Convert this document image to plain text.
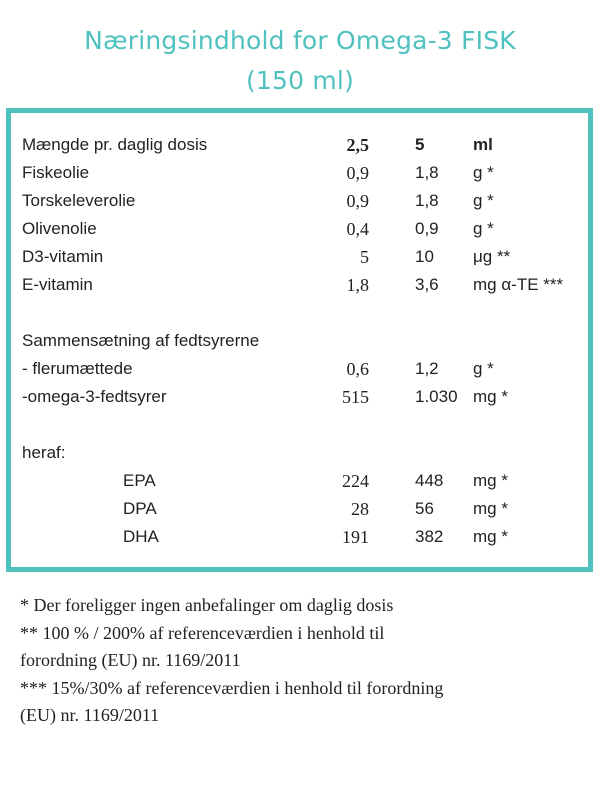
Næringsindhold for Omega-3 FISK
(150 ml)
Mængde pr. daglig dosis	2,5	5	ml
Fiskeolie	0,9	1,8 g *
Torskeleverolie	0,9	1,8 g *
Olivenolie	0,4	0,9 g *
D3-vitamin	5	10 μg **
E-vitamin	1,8	3,6 mg α-TE ***
Sammensætning af fedtsyrerne
- flerumættede	0,6	1,2 g *
-omega-3-fedtsyrer	515	1.030 mg *
heraf:
EPA	224	448 mg *
DPA	28	56 mg *
DHA	191	382 mg *
* Der foreligger ingen anbefalinger om daglig dosis
** 100 % / 200% af referenceværdien i henhold til
forordning (EU) nr. 1169/2011
*** 15%/30% af referenceværdien i henhold til forordning
(EU) nr. 1169/2011
